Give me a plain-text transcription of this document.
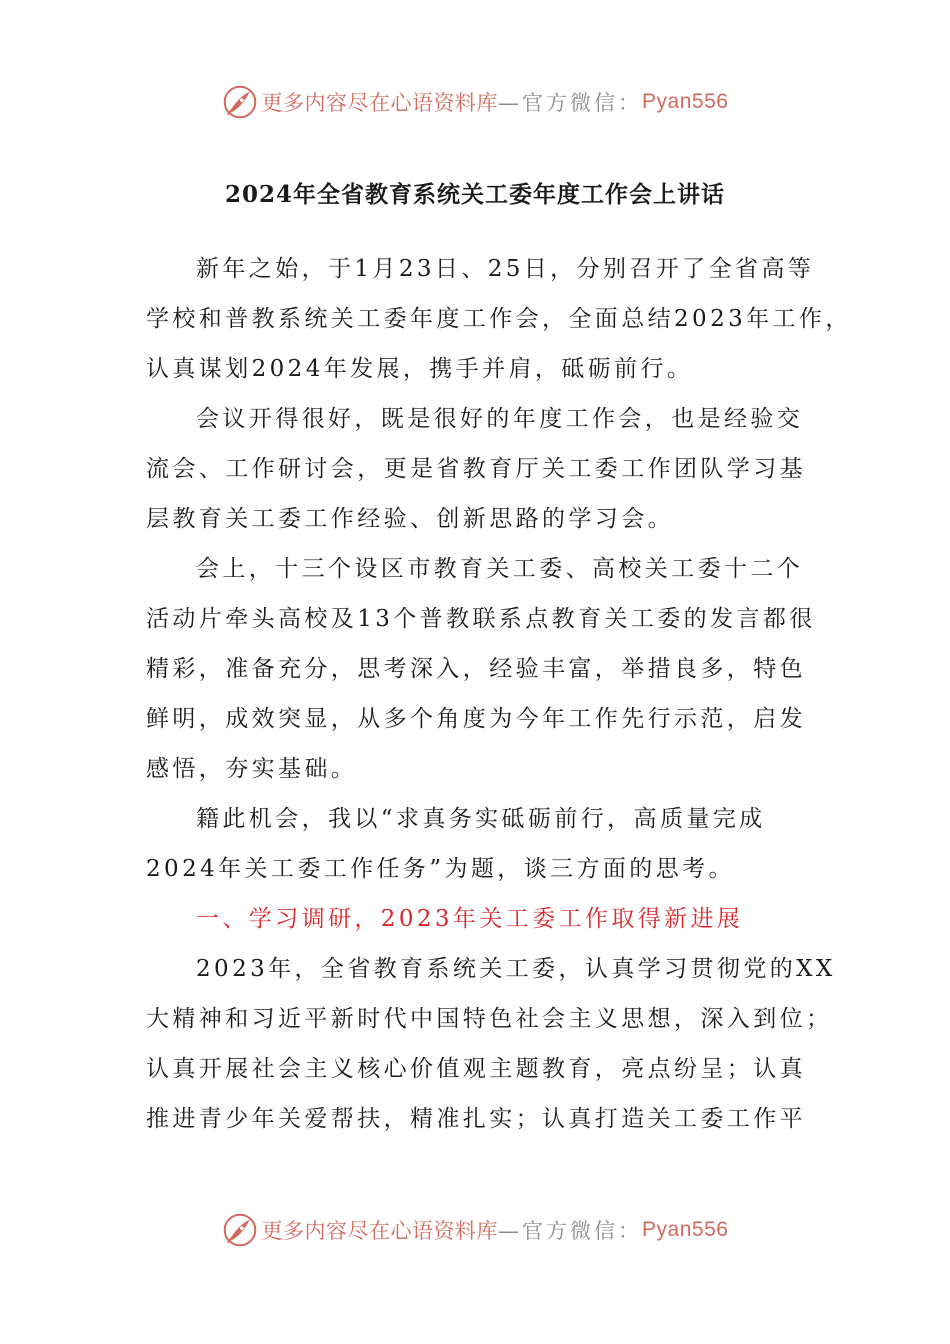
更多内容尽在心语资料库 —官方微信： Pyan556
2024年全省教育系统关工委年度工作会上讲话
新年之始，于1月23日、25日，分别召开了全省高等
学校和普教系统关工委年度工作会，全面总结2023年工作，
认真谋划2024年发展，携手并肩，砥砺前行。
会议开得很好，既是很好的年度工作会，也是经验交
流会、工作研讨会，更是省教育厅关工委工作团队学习基
层教育关工委工作经验、创新思路的学习会。
会上，十三个设区市教育关工委、高校关工委十二个
活动片牵头高校及13个普教联系点教育关工委的发言都很
精彩，准备充分，思考深入，经验丰富，举措良多，特色
鲜明，成效突显，从多个角度为今年工作先行示范，启发
感悟，夯实基础。
籍此机会，我以“求真务实砥砺前行，高质量完成
2024年关工委工作任务”为题，谈三方面的思考。
一、学习调研，2023年关工委工作取得新进展
2023年，全省教育系统关工委，认真学习贯彻党的XX
大精神和习近平新时代中国特色社会主义思想，深入到位；
认真开展社会主义核心价值观主题教育，亮点纷呈；认真
推进青少年关爱帮扶，精准扎实；认真打造关工委工作平
更多内容尽在心语资料库 —官方微信： Pyan556
